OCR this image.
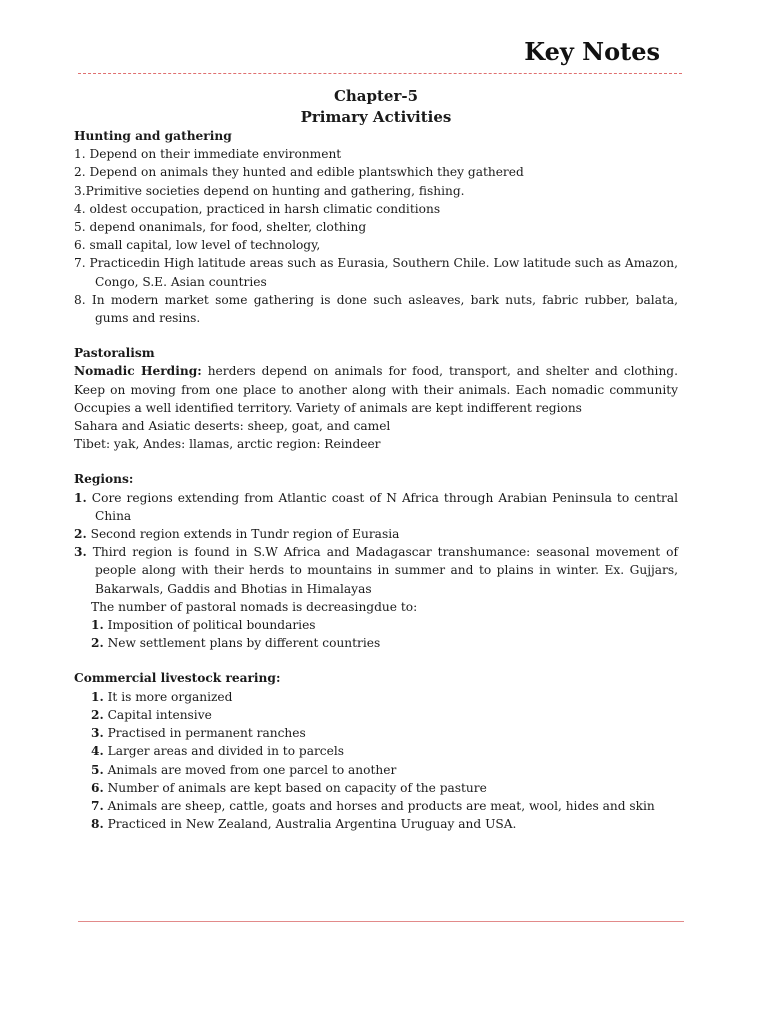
Key Notes
Chapter-5
Primary Activities
Hunting and gathering
1. Depend on their immediate environment
2. Depend on animals they hunted and edible plantswhich they gathered
3.Primitive societies depend on hunting and gathering, fishing.
4. oldest occupation, practiced in harsh climatic conditions
5. depend onanimals, for food, shelter, clothing
6. small capital, low level of technology,
7. Practicedin High latitude areas such as Eurasia, Southern Chile. Low latitude such as Amazon, Congo, S.E. Asian countries
8. In modern market some gathering is done such asleaves, bark nuts, fabric rubber, balata, gums and resins.
Pastoralism
Nomadic Herding: herders depend on animals for food, transport, and shelter and clothing. Keep on moving from one place to another along with their animals. Each nomadic community Occupies a well identified territory. Variety of animals are kept indifferent regions
Sahara and Asiatic deserts: sheep, goat, and camel
Tibet: yak, Andes: llamas, arctic region: Reindeer
Regions:
1. Core regions extending from Atlantic coast of N Africa through Arabian Peninsula to central China
2. Second region extends in Tundr region of Eurasia
3. Third region is found in S.W Africa and Madagascar transhumance: seasonal movement of people along with their herds to mountains in summer and to plains in winter. Ex. Gujjars, Bakarwals, Gaddis and Bhotias in Himalayas
The number of pastoral nomads is decreasingdue to:
1. Imposition of political boundaries
2. New settlement plans by different countries
Commercial livestock rearing:
1. It is more organized
2. Capital intensive
3. Practised in permanent ranches
4. Larger areas and divided in to parcels
5. Animals are moved from one parcel to another
6. Number of animals are kept based on capacity of the pasture
7. Animals are sheep, cattle, goats and horses and products are meat, wool, hides and skin
8. Practiced in New Zealand, Australia Argentina Uruguay and USA.
